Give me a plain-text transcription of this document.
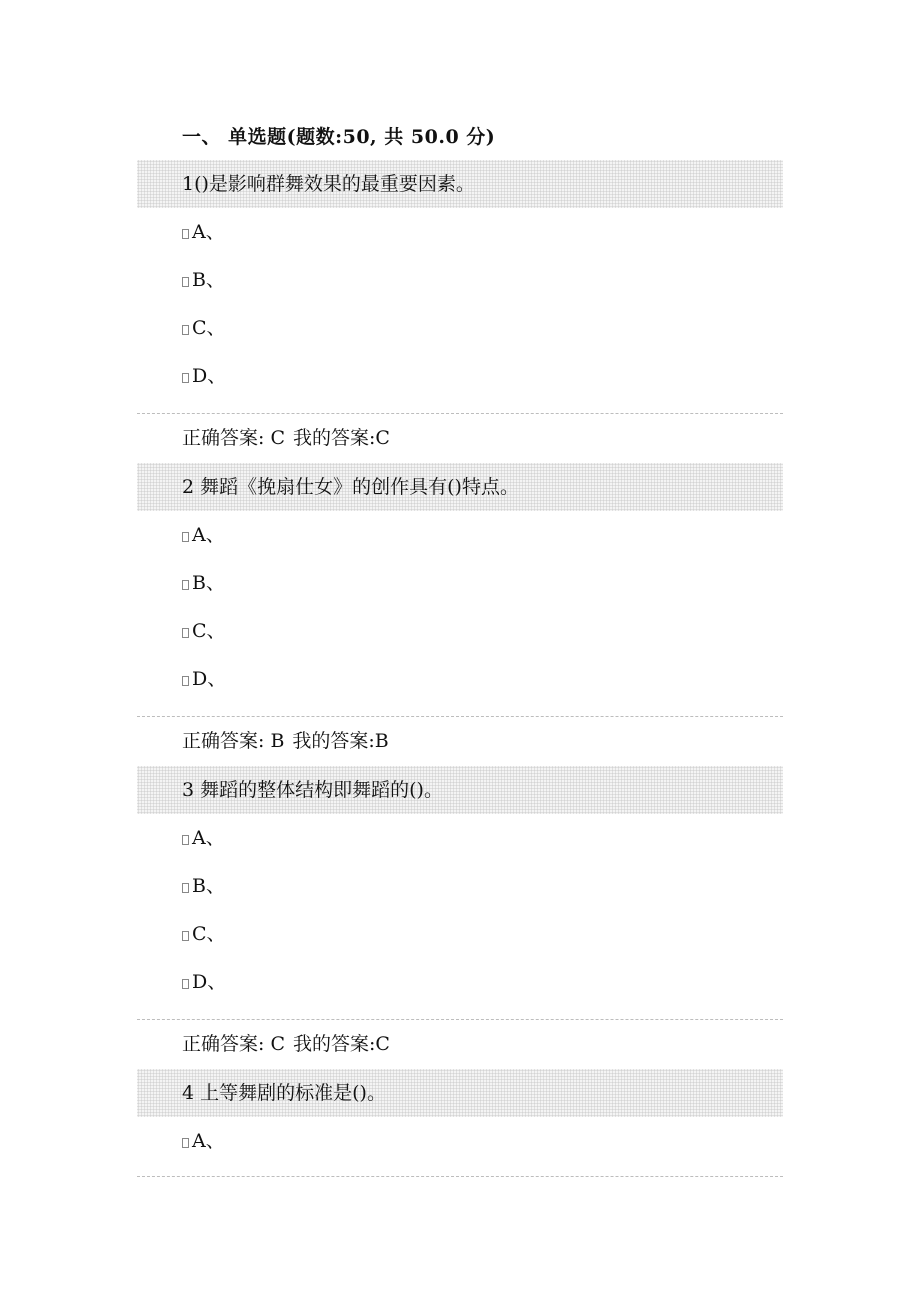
一、 单选题(题数:50, 共 50.0 分)
1()是影响群舞效果的最重要因素。
A、
B、
C、
D、
正确答案: C 我的答案:C
2 舞蹈《挽扇仕女》的创作具有()特点。
A、
B、
C、
D、
正确答案: B 我的答案:B
3 舞蹈的整体结构即舞蹈的()。
A、
B、
C、
D、
正确答案: C 我的答案:C
4 上等舞剧的标准是()。
A、
